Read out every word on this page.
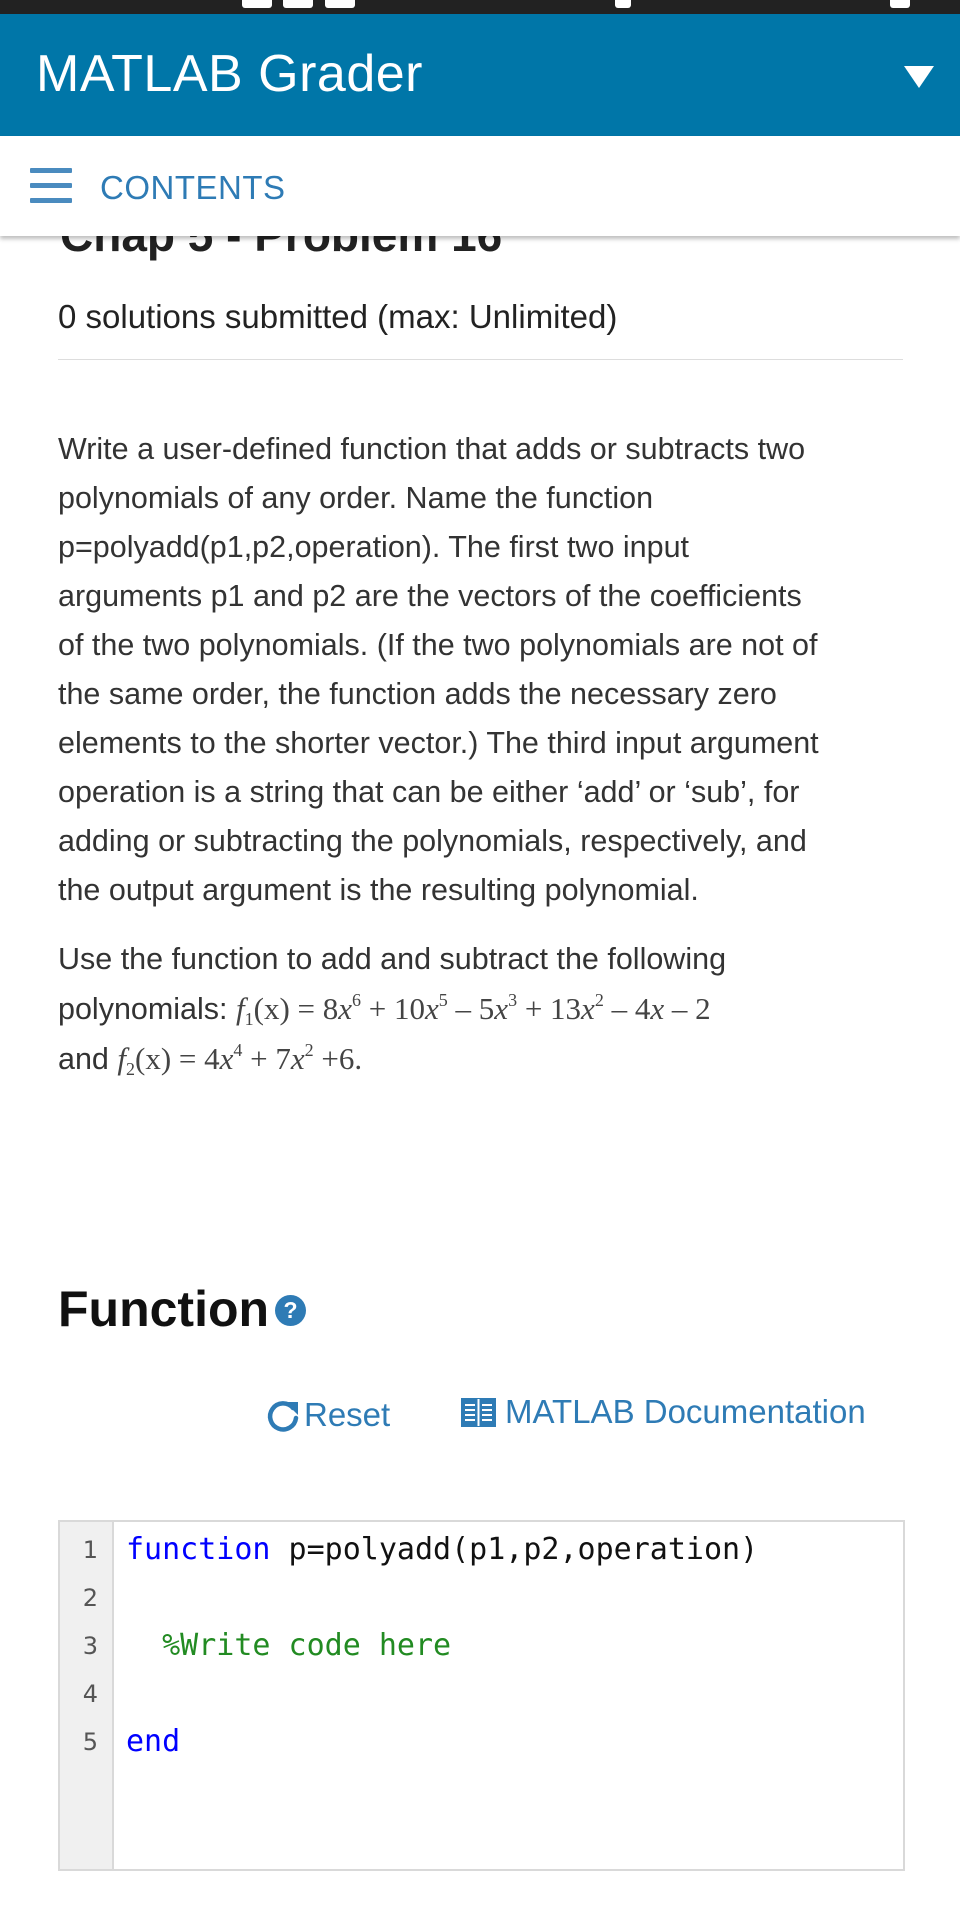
MATLAB Grader
CONTENTS
0 solutions submitted (max: Unlimited)

Write a user-defined function that adds or subtracts two polynomials of any order. Name the function p=polyadd(p1,p2,operation). The first two input arguments p1 and p2 are the vectors of the coefficients of the two polynomials. (If the two polynomials are not of the same order, the function adds the necessary zero elements to the shorter vector.) The third input argument operation is a string that can be either ‘add’ or ‘sub’, for adding or subtracting the polynomials, respectively, and the output argument is the resulting polynomial.

Use the function to add and subtract the following polynomials: $f_1(x) = 8x^6 + 10x^5 - 5x^3 + 13x^2 - 4x - 2$
and $f_2(x) = 4x^4 + 7x^2 +6$.

Function ?
Reset	MATLAB Documentation
1 function p=polyadd(p1,p2,operation)
2
3	%Write code here
4
5 end
